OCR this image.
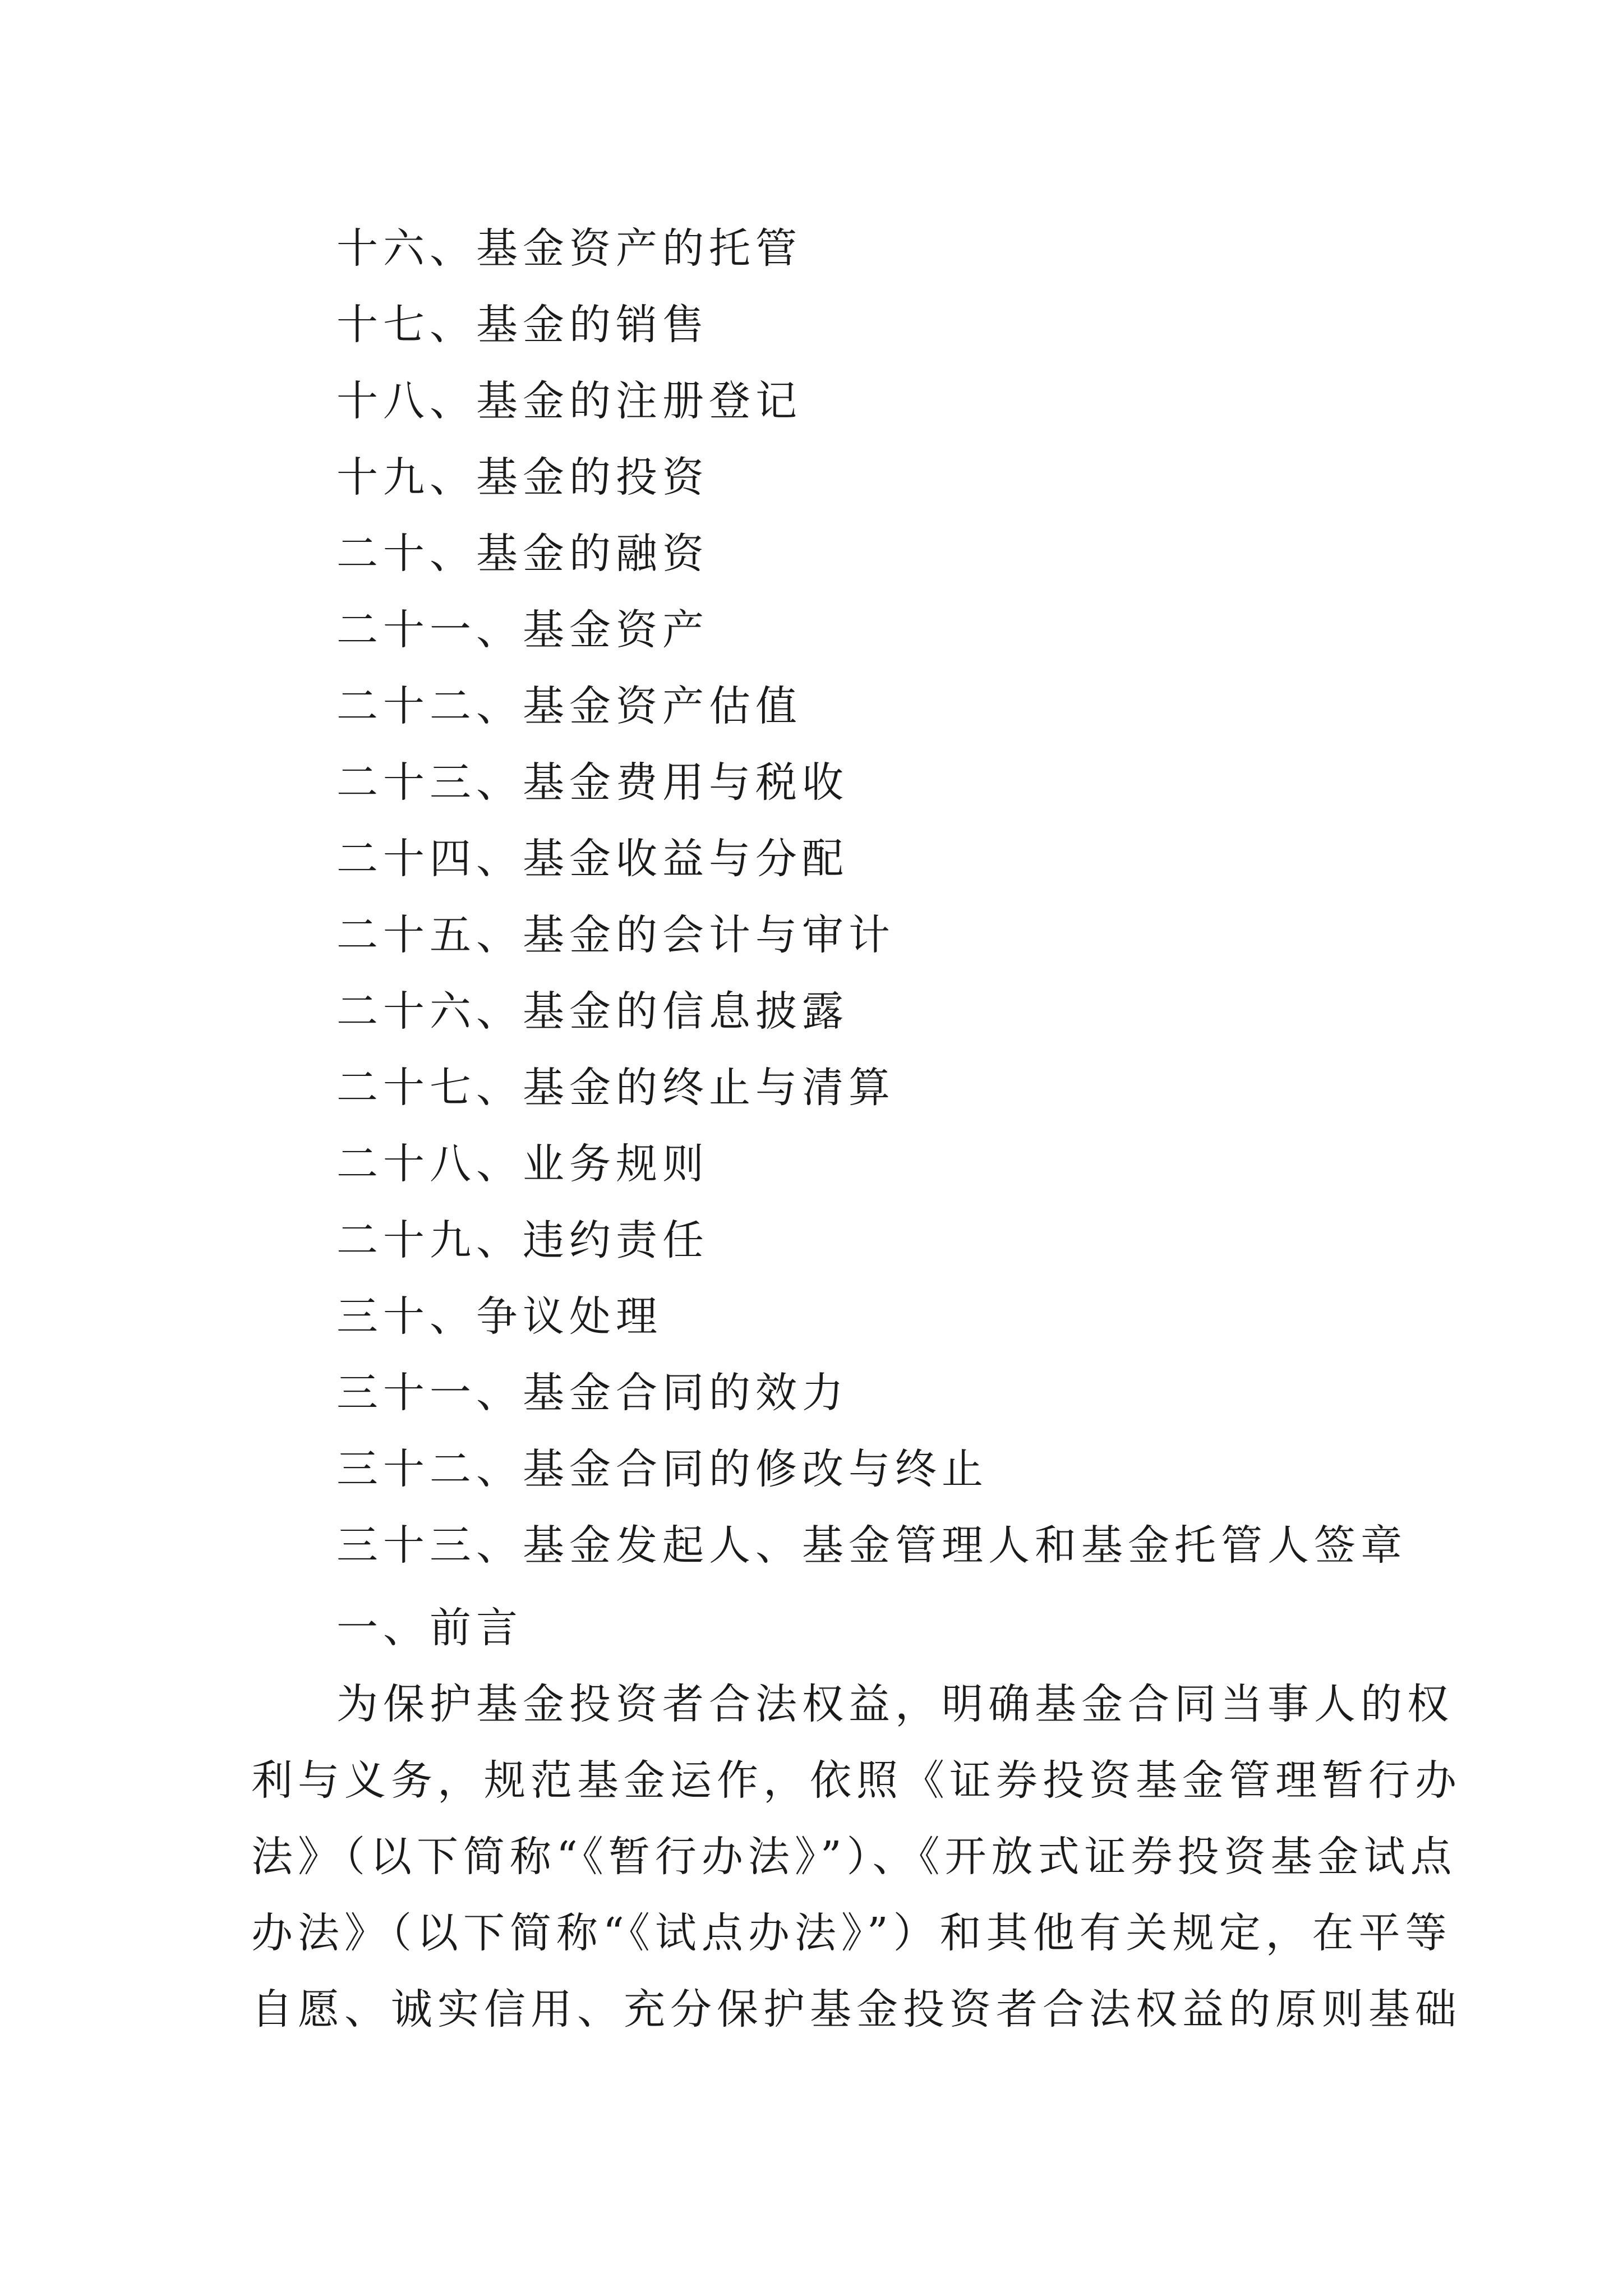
十六、基金资产的托管
十七、基金的销售
十八、基金的注册登记
十九、基金的投资
二十、基金的融资
二十一、基金资产
二十二、基金资产估值
二十三、基金费用与税收
二十四、基金收益与分配
二十五、基金的会计与审计
二十六、基金的信息披露
二十七、基金的终止与清算
二十八、业务规则
二十九、违约责任
三十、争议处理
三十一、基金合同的效力
三十二、基金合同的修改与终止
三十三、基金发起人、基金管理人和基金托管人签章
一、前言
为保护基金投资者合法权益，明确基金合同当事人的权
利与义务，规范基金运作，依照《证券投资基金管理暂行办
法》（以下简称“《暂行办法》”）、《开放式证券投资基金试点
办法》（以下简称“《试点办法》”）和其他有关规定，在平等
自愿、诚实信用、充分保护基金投资者合法权益的原则基础
